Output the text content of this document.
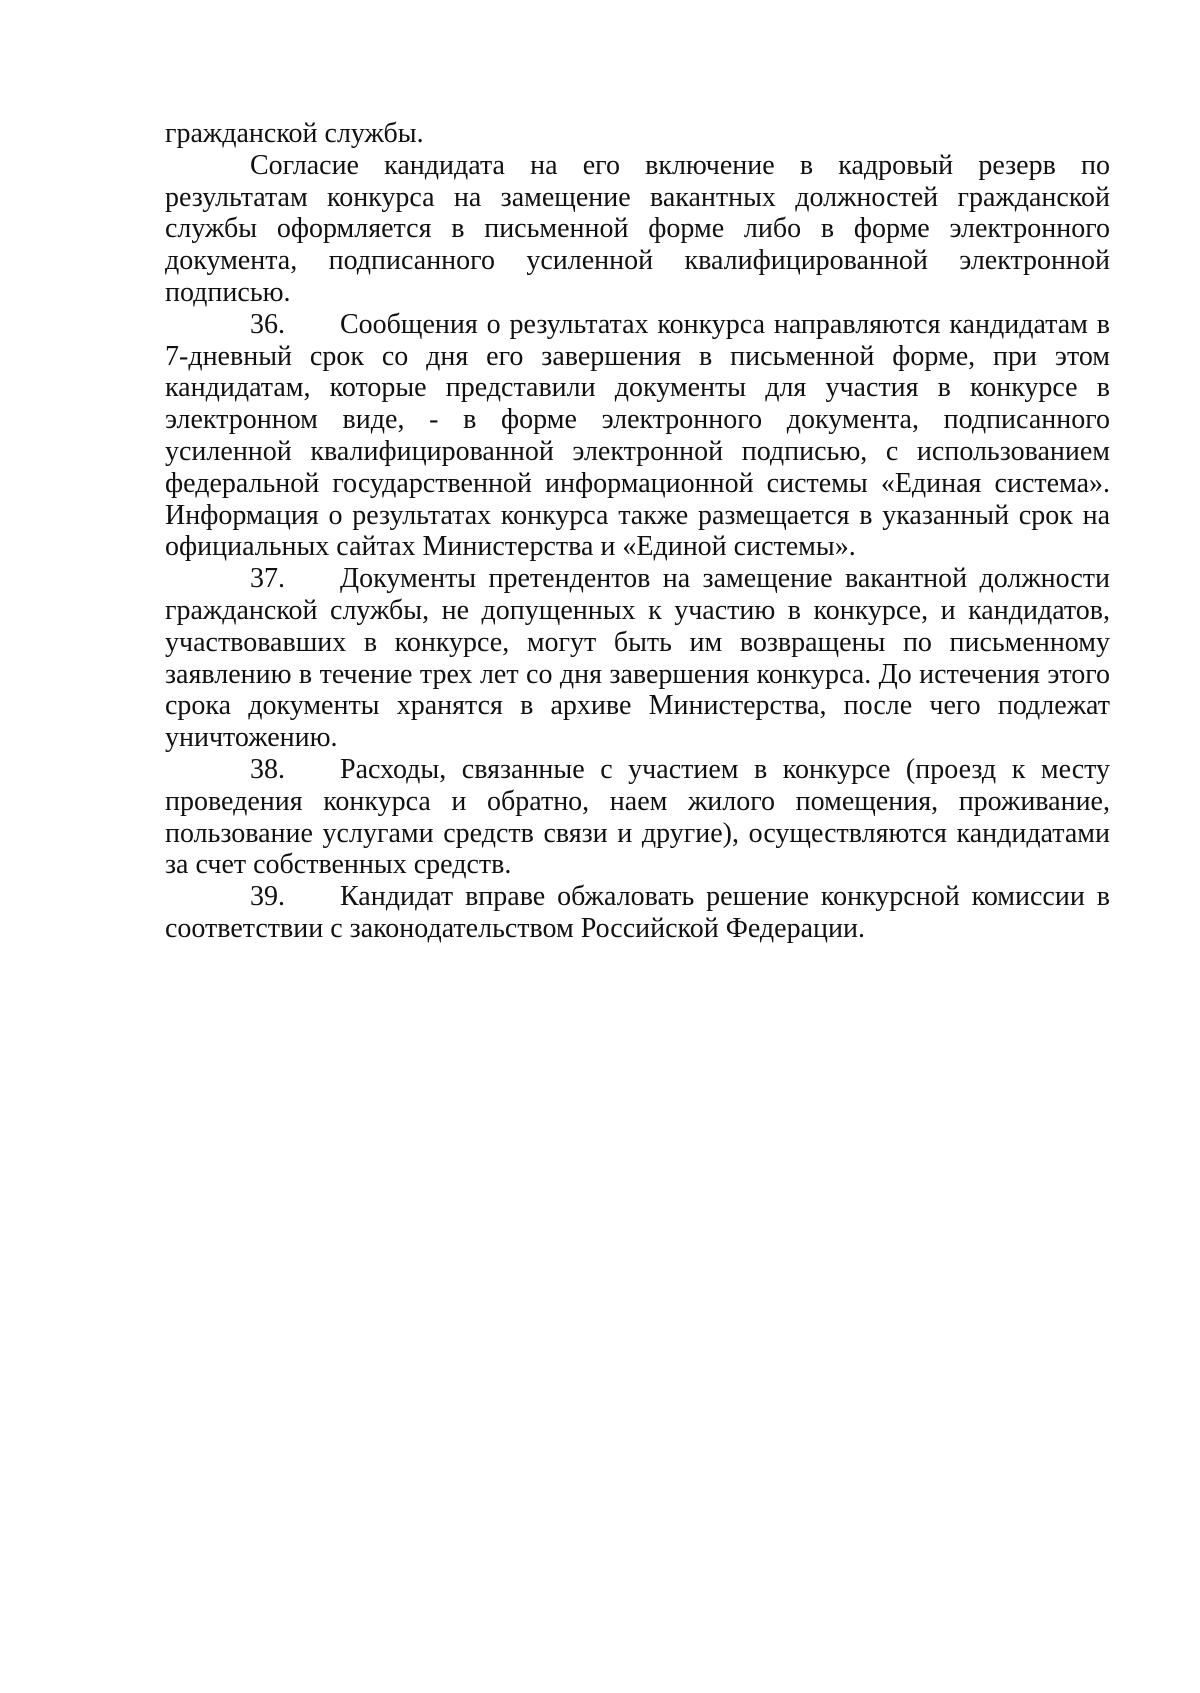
гражданской службы.

Согласие кандидата на его включение в кадровый резерв по результатам конкурса на замещение вакантных должностей гражданской службы оформляется в письменной форме либо в форме электронного документа, подписанного усиленной квалифицированной электронной подписью.

36. Сообщения о результатах конкурса направляются кандидатам в 7-дневный срок со дня его завершения в письменной форме, при этом кандидатам, которые представили документы для участия в конкурсе в электронном виде, - в форме электронного документа, подписанного усиленной квалифицированной электронной подписью, с использованием федеральной государственной информационной системы «Единая система». Информация о результатах конкурса также размещается в указанный срок на официальных сайтах Министерства и «Единой системы».

37. Документы претендентов на замещение вакантной должности гражданской службы, не допущенных к участию в конкурсе, и кандидатов, участвовавших в конкурсе, могут быть им возвращены по письменному заявлению в течение трех лет со дня завершения конкурса. До истечения этого срока документы хранятся в архиве Министерства, после чего подлежат уничтожению.

38. Расходы, связанные с участием в конкурсе (проезд к месту проведения конкурса и обратно, наем жилого помещения, проживание, пользование услугами средств связи и другие), осуществляются кандидатами за счет собственных средств.

39. Кандидат вправе обжаловать решение конкурсной комиссии в соответствии с законодательством Российской Федерации.
